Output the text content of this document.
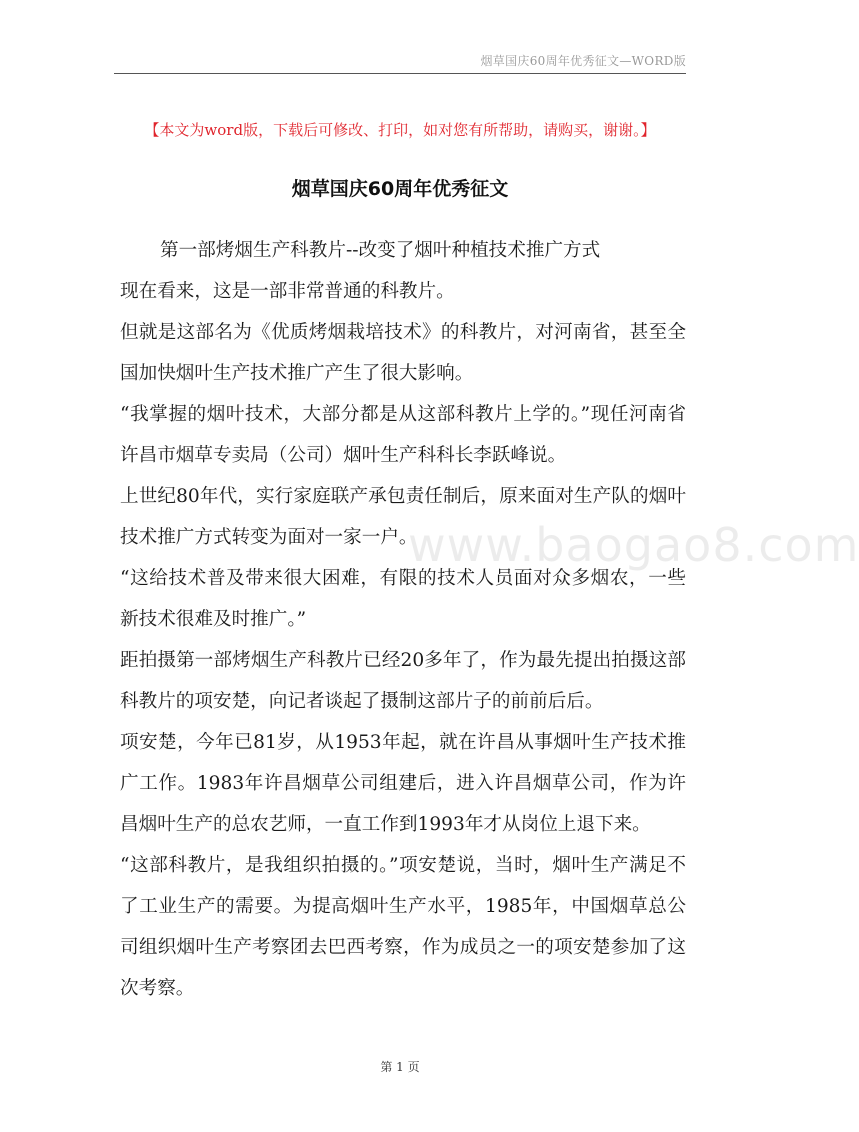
烟草国庆60周年优秀征文—WORD版
【本文为word版，下载后可修改、打印，如对您有所帮助，请购买，谢谢。】
烟草国庆60周年优秀征文

第一部烤烟生产科教片--改变了烟叶种植技术推广方式

现在看来，这是一部非常普通的科教片。

但就是这部名为《优质烤烟栽培技术》的科教片，对河南省，甚至全国加快烟叶生产技术推广产生了很大影响。

“我掌握的烟叶技术，大部分都是从这部科教片上学的。”现任河南省许昌市烟草专卖局（公司）烟叶生产科科长李跃峰说。

上世纪80年代，实行家庭联产承包责任制后，原来面对生产队的烟叶技术推广方式转变为面对一家一户。

“这给技术普及带来很大困难，有限的技术人员面对众多烟农，一些新技术很难及时推广。”

距拍摄第一部烤烟生产科教片已经20多年了，作为最先提出拍摄这部科教片的项安楚，向记者谈起了摄制这部片子的前前后后。

项安楚，今年已81岁，从1953年起，就在许昌从事烟叶生产技术推广工作。1983年许昌烟草公司组建后，进入许昌烟草公司，作为许昌烟叶生产的总农艺师，一直工作到1993年才从岗位上退下来。

“这部科教片，是我组织拍摄的。”项安楚说，当时，烟叶生产满足不了工业生产的需要。为提高烟叶生产水平，1985年，中国烟草总公司组织烟叶生产考察团去巴西考察，作为成员之一的项安楚参加了这次考察。

www.baogao8.com
第 1 页
